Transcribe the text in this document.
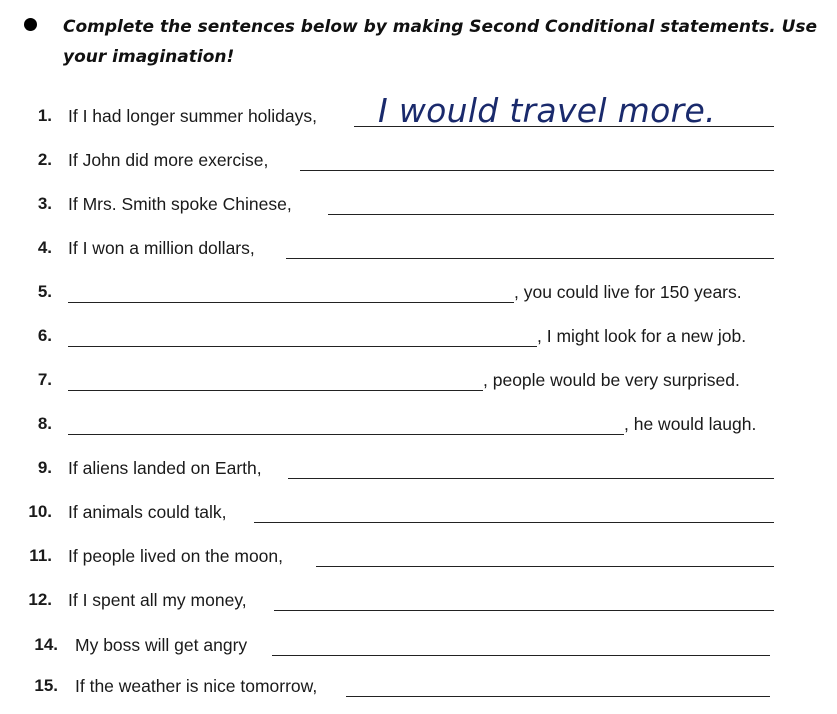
Complete the sentences below by making Second Conditional statements. Use your imagination!
1. If I had longer summer holidays, I would travel more.
2. If John did more exercise,
3. If Mrs. Smith spoke Chinese,
4. If I won a million dollars,
5.	, you could live for 150 years.
6.	, I might look for a new job.
7.	, people would be very surprised.
8.	, he would laugh.
9. If aliens landed on Earth,
10. If animals could talk,
11. If people lived on the moon,
12. If I spent all my money,
14. My boss will get angry
15. If the weather is nice tomorrow,
